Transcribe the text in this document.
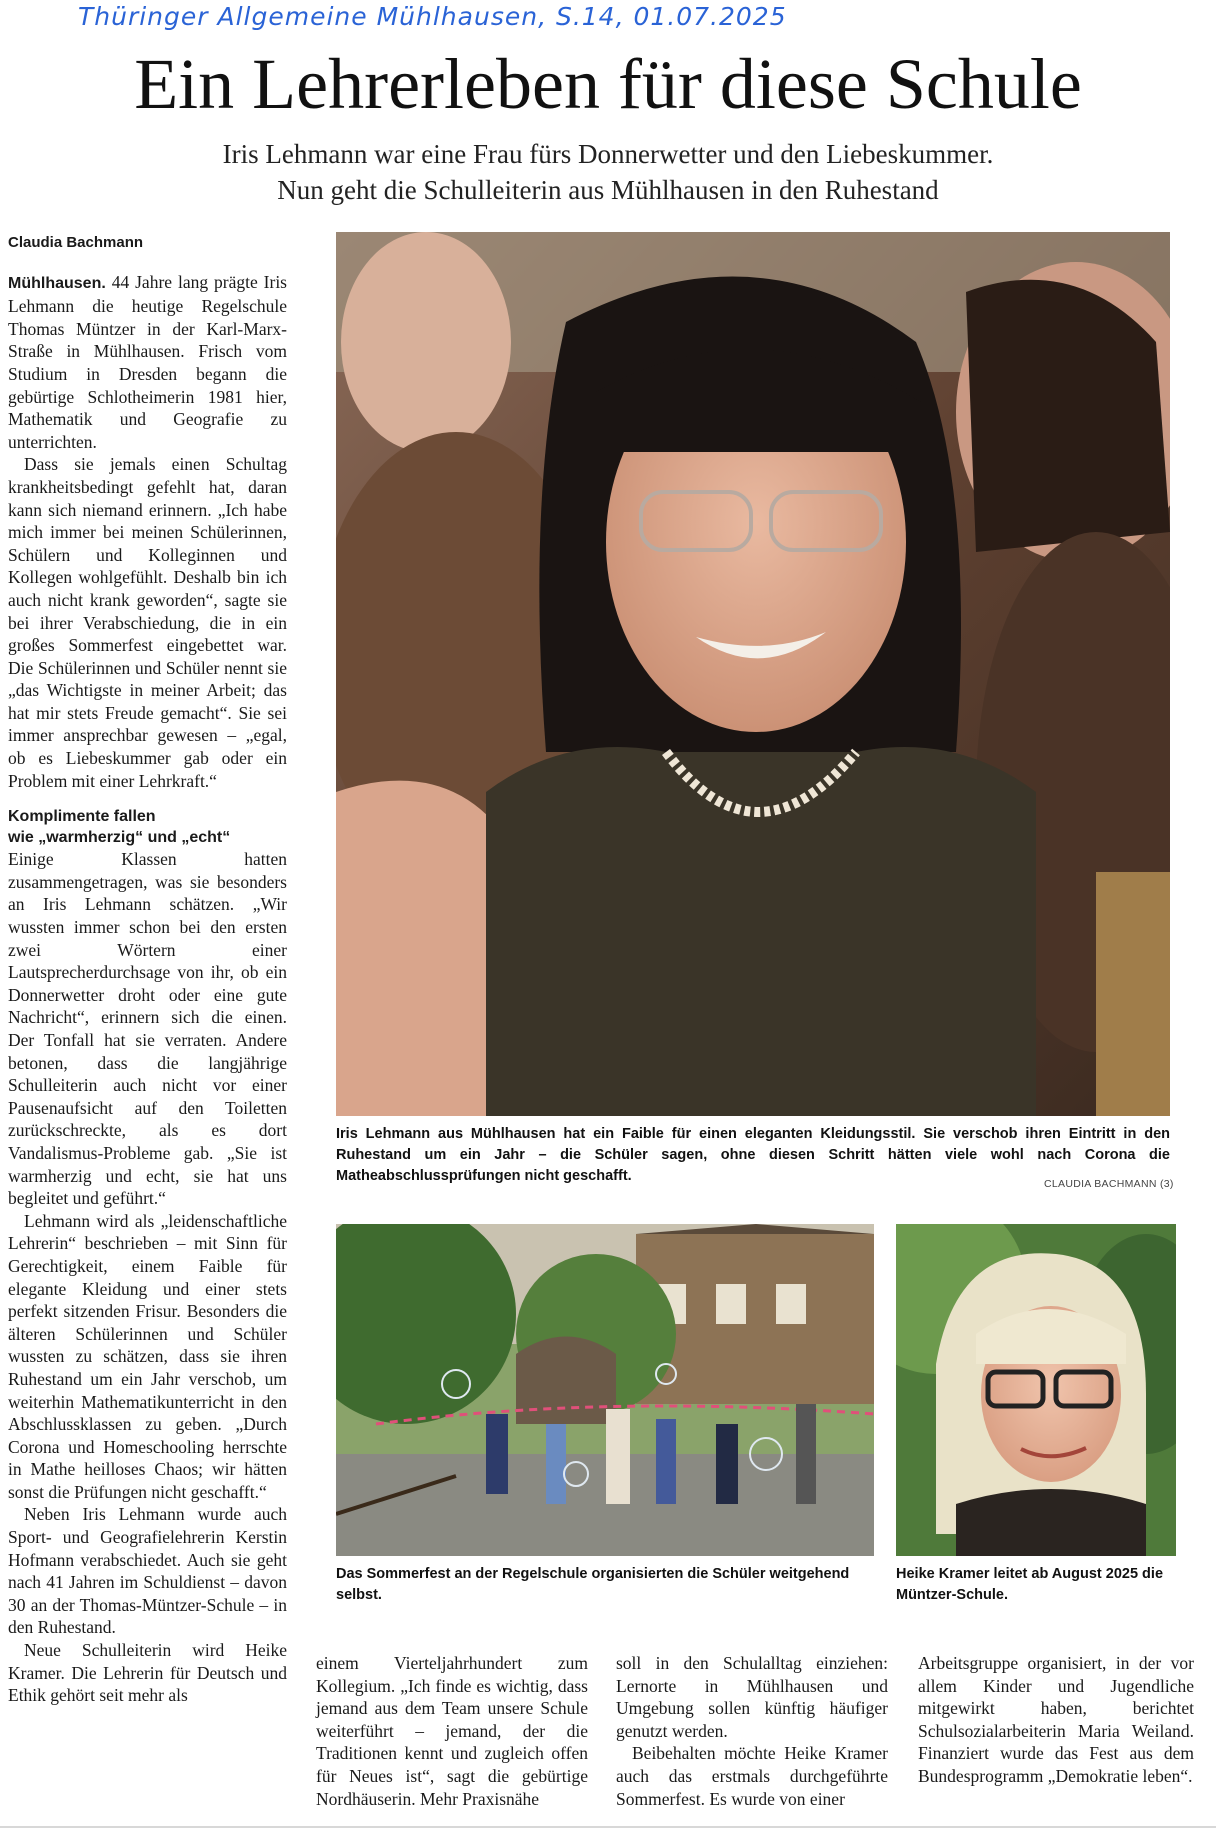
Thüringer Allgemeine Mühlhausen, S.14, 01.07.2025
Ein Lehrerleben für diese Schule
Iris Lehmann war eine Frau fürs Donnerwetter und den Liebeskummer.
Nun geht die Schulleiterin aus Mühlhausen in den Ruhestand
Claudia Bachmann

Mühlhausen. 44 Jahre lang prägte Iris Lehmann die heutige Regelschule Thomas Müntzer in der Karl-Marx-Straße in Mühlhausen. Frisch vom Studium in Dresden begann die gebürtige Schlotheimerin 1981 hier, Mathematik und Geografie zu unterrichten.

Dass sie jemals einen Schultag krankheitsbedingt gefehlt hat, daran kann sich niemand erinnern. „Ich habe mich immer bei meinen Schülerinnen, Schülern und Kolleginnen und Kollegen wohlgefühlt. Deshalb bin ich auch nicht krank geworden“, sagte sie bei ihrer Verabschiedung, die in ein großes Sommerfest eingebettet war. Die Schülerinnen und Schüler nennt sie „das Wichtigste in meiner Arbeit; das hat mir stets Freude gemacht“. Sie sei immer ansprechbar gewesen – „egal, ob es Liebeskummer gab oder ein Problem mit einer Lehrkraft.“

Komplimente fallen
wie „warmherzig“ und „echt“

Einige Klassen hatten zusammengetragen, was sie besonders an Iris Lehmann schätzen. „Wir wussten immer schon bei den ersten zwei Wörtern einer Lautsprecherdurchsage von ihr, ob ein Donnerwetter droht oder eine gute Nachricht“, erinnern sich die einen. Der Tonfall hat sie verraten. Andere betonen, dass die langjährige Schulleiterin auch nicht vor einer Pausenaufsicht auf den Toiletten zurückschreckte, als es dort Vandalismus-Probleme gab. „Sie ist warmherzig und echt, sie hat uns begleitet und geführt.“

Lehmann wird als „leidenschaftliche Lehrerin“ beschrieben – mit Sinn für Gerechtigkeit, einem Faible für elegante Kleidung und einer stets perfekt sitzenden Frisur. Besonders die älteren Schülerinnen und Schüler wussten zu schätzen, dass sie ihren Ruhestand um ein Jahr verschob, um weiterhin Mathematikunterricht in den Abschlussklassen zu geben. „Durch Corona und Homeschooling herrschte in Mathe heilloses Chaos; wir hätten sonst die Prüfungen nicht geschafft.“

Neben Iris Lehmann wurde auch Sport- und Geografielehrerin Kerstin Hofmann verabschiedet. Auch sie geht nach 41 Jahren im Schuldienst – davon 30 an der Thomas-Müntzer-Schule – in den Ruhestand.

Neue Schulleiterin wird Heike Kramer. Die Lehrerin für Deutsch und Ethik gehört seit mehr als

Iris Lehmann aus Mühlhausen hat ein Faible für einen eleganten Kleidungsstil. Sie verschob ihren Eintritt in den Ruhestand um ein Jahr – die Schüler sagen, ohne diesen Schritt hätten viele wohl nach Corona die Matheabschlussprüfungen nicht geschafft.	CLAUDIA BACHMANN (3)
Das Sommerfest an der Regelschule organisierten die Schüler weitgehend selbst.
Heike Kramer leitet ab August 2025 die Müntzer-Schule.

einem Vierteljahrhundert zum Kollegium. „Ich finde es wichtig, dass jemand aus dem Team unsere Schule weiterführt – jemand, der die Traditionen kennt und zugleich offen für Neues ist“, sagt die gebürtige Nordhäuserin. Mehr Praxisnähe

soll in den Schulalltag einziehen: Lernorte in Mühlhausen und Umgebung sollen künftig häufiger genutzt werden.

Beibehalten möchte Heike Kramer auch das erstmals durchgeführte Sommerfest. Es wurde von einer

Arbeitsgruppe organisiert, in der vor allem Kinder und Jugendliche mitgewirkt haben, berichtet Schulsozialarbeiterin Maria Weiland. Finanziert wurde das Fest aus dem Bundesprogramm „Demokratie leben“.
